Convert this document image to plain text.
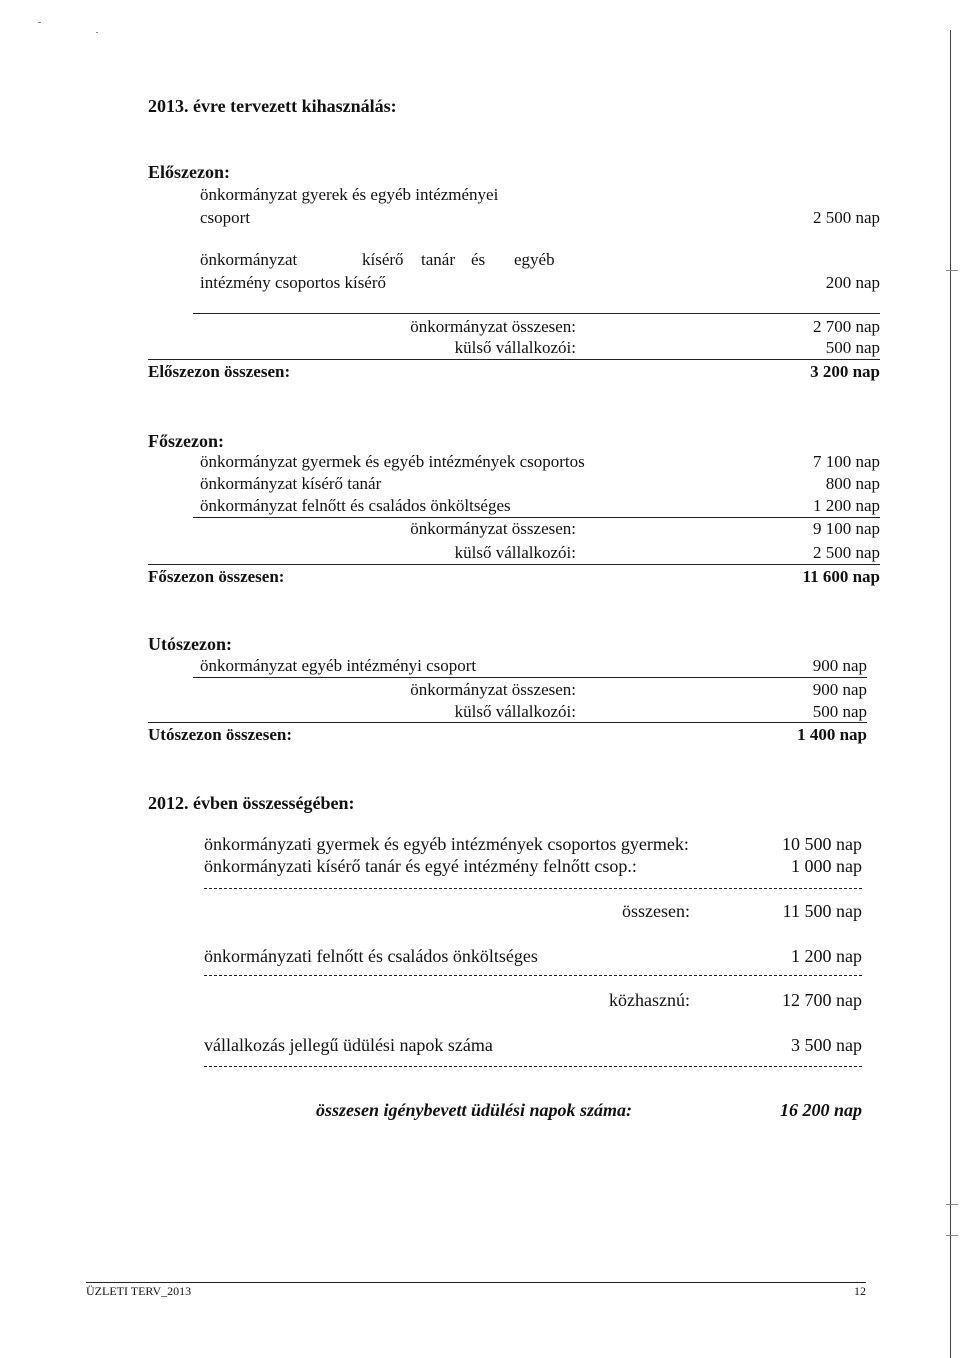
2013. évre tervezett kihasználás:
Előszezon:
önkormányzat gyerek és egyéb intézményei
csoport	2 500 nap
önkormányzat	kísérő tanár és egyéb
intézmény csoportos kísérő	200 nap
önkormányzat összesen:	2 700 nap
külső vállalkozói:	500 nap
Előszezon összesen:	3 200 nap
Főszezon:
önkormányzat gyermek és egyéb intézmények csoportos	7 100 nap
önkormányzat kísérő tanár	800 nap
önkormányzat felnőtt és családos önköltséges	1 200 nap
önkormányzat összesen:	9 100 nap
külső vállalkozói:	2 500 nap
Főszezon összesen:	11 600 nap
Utószezon:
önkormányzat egyéb intézményi csoport	900 nap
önkormányzat összesen:	900 nap
külső vállalkozói:	500 nap
Utószezon összesen:	1 400 nap
2012. évben összességében:
önkormányzati gyermek és egyéb intézmények csoportos gyermek:	10 500 nap
önkormányzati kísérő tanár és egyé intézmény felnőtt csop.:	1 000 nap
összesen:	11 500 nap
önkormányzati felnőtt és családos önköltséges	1 200 nap
közhasznú:	12 700 nap
vállalkozás jellegű üdülési napok száma	3 500 nap
összesen igénybevett üdülési napok száma:	16 200 nap
ÜZLETI TERV_2013	12
